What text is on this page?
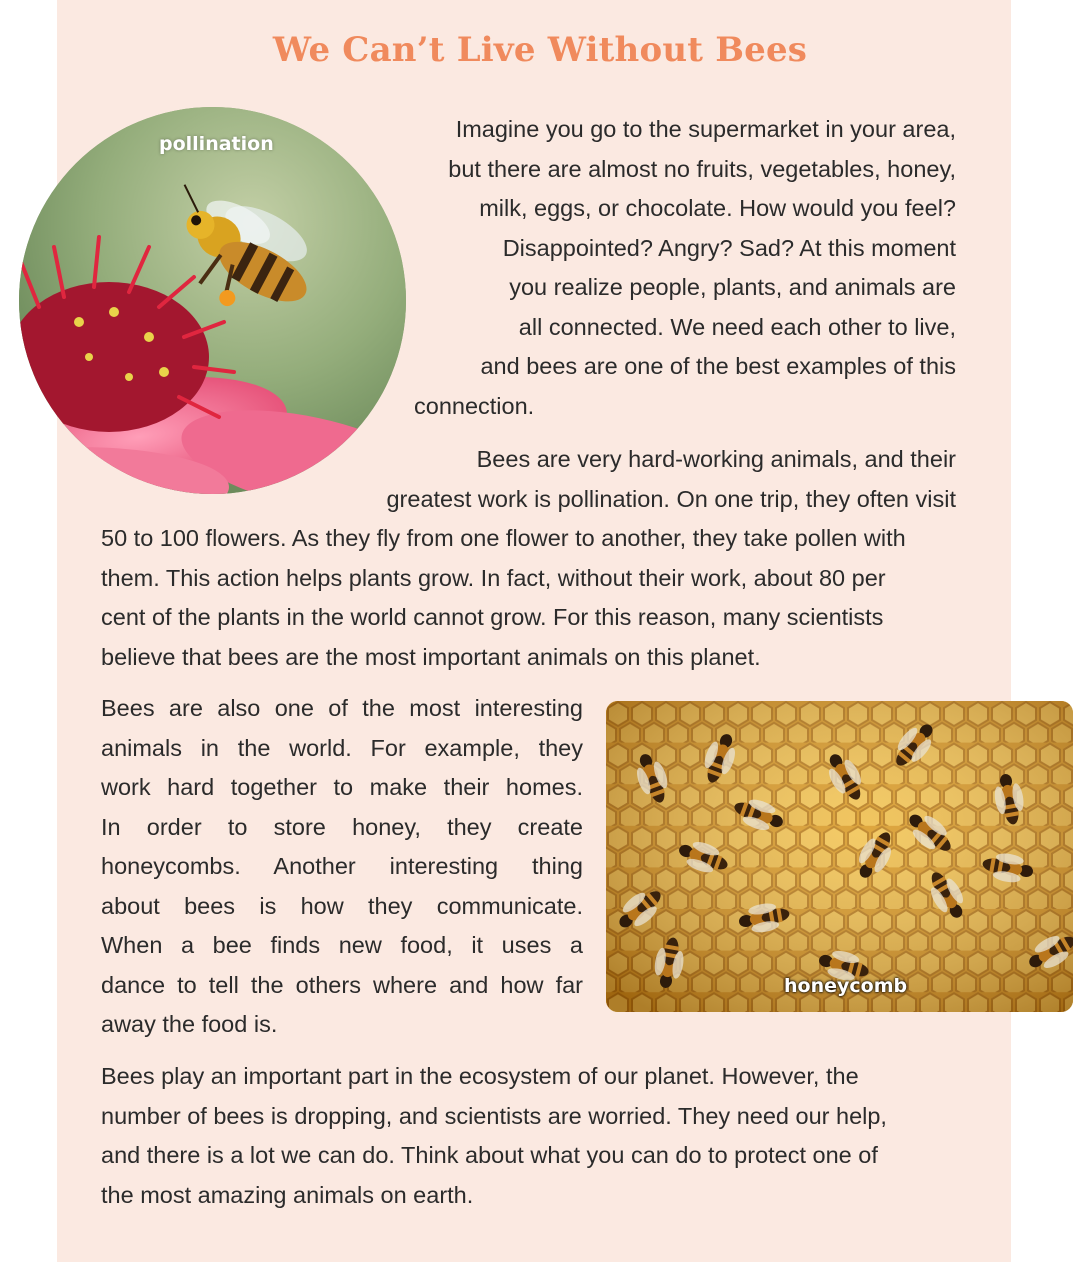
We Can’t Live Without Bees
pollination
Imagine you go to the supermarket in your area,
but there are almost no fruits, vegetables, honey,
milk, eggs, or chocolate. How would you feel?
Disappointed? Angry? Sad? At this moment
you realize people, plants, and animals are
all connected. We need each other to live,
and bees are one of the best examples of this
connection.
Bees are very hard-working animals, and their
greatest work is pollination. On one trip, they often visit
50 to 100 flowers. As they fly from one flower to another, they take pollen with
them. This action helps plants grow. In fact, without their work, about 80 per
cent of the plants in the world cannot grow. For this reason, many scientists
believe that bees are the most important animals on this planet.
honeycomb
Bees are also one of the most interesting
animals in the world. For example, they
work hard together to make their homes.
In order to store honey, they create
honeycombs. Another interesting thing
about bees is how they communicate.
When a bee finds new food, it uses a
dance to tell the others where and how far
away the food is.
Bees play an important part in the ecosystem of our planet. However, the
number of bees is dropping, and scientists are worried. They need our help,
and there is a lot we can do. Think about what you can do to protect one of
the most amazing animals on earth.
